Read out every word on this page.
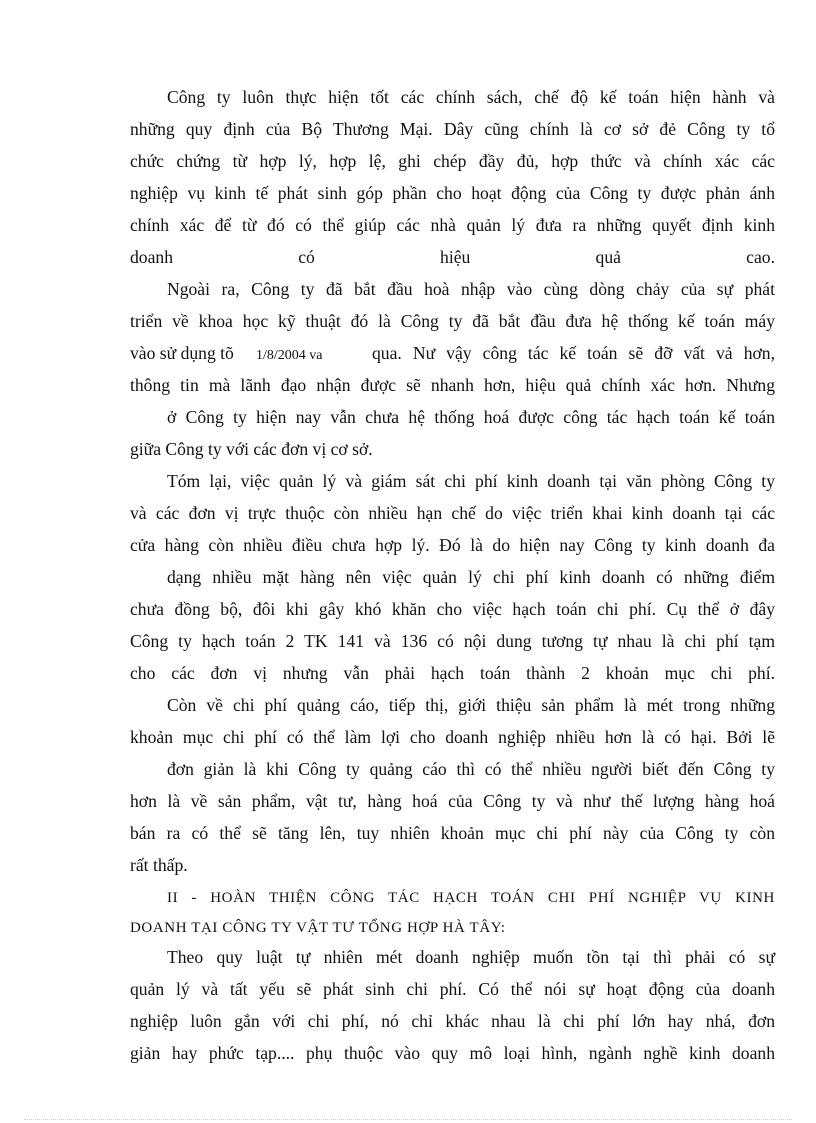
Công ty luôn thực hiện tốt các chính sách, chế độ kế toán hiện hành và
những quy định của Bộ Thương Mại. Dây cũng chính là cơ sở đẻ Công ty tổ
chức chứng từ hợp lý, hợp lệ, ghi chép đầy đủ, hợp thức và chính xác các
nghiệp vụ kinh tế phát sinh góp phần cho hoạt động của Công ty được phản ánh
chính xác để từ đó có thể giúp các nhà quản lý đưa ra những quyết định kinh
doanh có hiệu quả cao.
Ngoài ra, Công ty đã bắt đầu hoà nhập vào cùng dòng chảy của sự phát
triển về khoa học kỹ thuật đó là Công ty đã bắt đầu đưa hệ thống kế toán máy
vào sử dụng tõ	1/8/2004 va	qua. Nư vậy công tác kế toán sẽ đỡ vất vả hơn,
thông tin mà lãnh đạo nhận được sẽ nhanh hơn, hiệu quả chính xác hơn. Nhưng
ở Công ty hiện nay vẫn chưa hệ thống hoá được công tác hạch toán kế toán
giữa Công ty với các đơn vị cơ sở.
Tóm lại, việc quản lý và giám sát chi phí kinh doanh tại văn phòng Công ty
và các đơn vị trực thuộc còn nhiều hạn chế do việc triển khai kinh doanh tại các
cửa hàng còn nhiều điều chưa hợp lý. Đó là do hiện nay Công ty kinh doanh đa
dạng nhiều mặt hàng nên việc quản lý chi phí kinh doanh có những điểm
chưa đồng bộ, đôi khi gây khó khăn cho việc hạch toán chi phí. Cụ thể ở đây
Công ty hạch toán 2 TK 141 và 136 có nội dung tương tự nhau là chi phí tạm
cho các đơn vị nhưng vẫn phải hạch toán thành 2 khoản mục chi phí.
Còn về chi phí quảng cáo, tiếp thị, giới thiệu sản phẩm là mét trong những
khoản mục chi phí có thể làm lợi cho doanh nghiệp nhiều hơn là có hại. Bởi lẽ
đơn giản là khi Công ty quảng cáo thì có thể nhiều người biết đến Công ty
hơn là về sản phẩm, vật tư, hàng hoá của Công ty và như thế lượng hàng hoá
bán ra có thể sẽ tăng lên, tuy nhiên khoản mục chi phí này của Công ty còn
rất thấp.
II - HOÀN THIỆN CÔNG TÁC HẠCH TOÁN CHI PHÍ NGHIỆP VỤ KINH
DOANH TẠI CÔNG TY VẬT TƯ TỔNG HỢP HÀ TÂY:
Theo quy luật tự nhiên mét doanh nghiệp muốn tồn tại thì phải có sự
quản lý và tất yếu sẽ phát sinh chi phí. Có thể nói sự hoạt động của doanh
nghiệp luôn gắn với chi phí, nó chỉ khác nhau là chi phí lớn hay nhá, đơn
giản hay phức tạp.... phụ thuộc vào quy mô loại hình, ngành nghề kinh doanh
